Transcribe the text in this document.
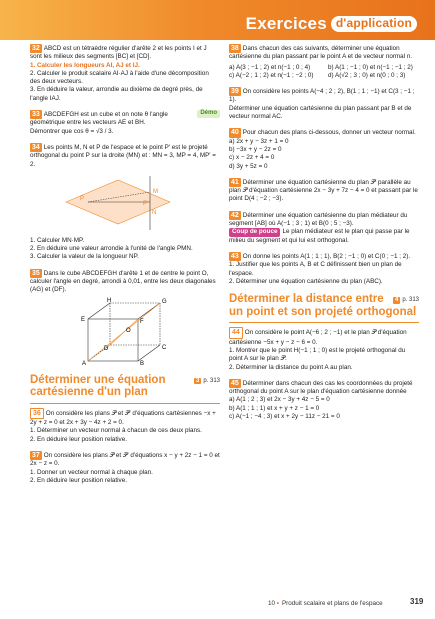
Exercices d'application
32 ABCD est un tétraèdre régulier d'arête 2 et les points I et J sont les milieux des segments [BC] et [CD].
1. Calculer les longueurs AI, AJ et IJ.
2. Calculer le produit scalaire AI·AJ à l'aide d'une décomposition des deux vecteurs.
3. En déduire la valeur, arrondie au dixième de degré près, de l'angle IAJ.
33	Démo
ABCDEFGH est un cube et on note θ l'angle géométrique entre les vecteurs AE et BH.
Démontrer que cos θ = √3 / 3.
34 Les points M, N et P de l'espace et le point P′ est le projeté orthogonal du point P sur la droite (MN) et : MN = 3, MP = 4, MP′ = 2.
M
P
P′
N
1. Calculer MN·MP.
2. En déduire une valeur arrondie à l'unité de l'angle PMN.
3. Calculer la valeur de la longueur NP.
35 Dans le cube ABCDEFGH d'arête 1 et de centre le point O, calculer l'angle en degré, arrondi à 0,01, entre les deux diagonales (AG) et (DF).
H	G
E	F
O
D	C
A	B
3 p. 313
Déterminer une équation cartésienne d'un plan
36 On considère les plans 𝒫 et 𝒫′ d'équations cartésiennes −x + 2y + z = 0 et 2x + 3y − 4z + 2 = 0.
1. Déterminer un vecteur normal à chacun de ces deux plans.
2. En déduire leur position relative.
37 On considère les plans 𝒫 et 𝒫′ d'équations x − y + 2z − 1 = 0 et 2x − z = 0.
1. Donner un vecteur normal à chaque plan.
2. En déduire leur position relative.
38 Dans chacun des cas suivants, déterminer une équation cartésienne du plan passant par le point A et de vecteur normal n.
a) A(3 ; −1 ; 2) et n(−1 ; 0 ; 4)
c) A(−2 ; 1 ; 2) et n(−1 ; −2 ; 0)
b) A(1 ; −1 ; 0) et n(−1 ; −1 ; 2)
d) A(√2 ; 3 ; 0) et n(0 ; 0 ; 3)
39 On considère les points A(−4 ; 2 ; 2), B(1 ; 1 ; −1) et C(3 ; −1 ; 1).
Déterminer une équation cartésienne du plan passant par B et de vecteur normal AC.
40 Pour chacun des plans ci-dessous, donner un vecteur normal.
a) 2x + y − 3z + 1 = 0
b) −3x + y − 2z = 0
c) x − 2z + 4 = 0
d) 3y + 5z = 0
41 Déterminer une équation cartésienne du plan 𝒫′ parallèle au plan 𝒫 d'équation cartésienne 2x − 3y + 7z − 4 = 0 et passant par le point D(4 ; −2 ; −3).
42 Déterminer une équation cartésienne du plan médiateur du segment [AB] où A(−1 ; 3 ; 1) et B(0 ; 5 ; −3).
Coup de pouce Le plan médiateur est le plan qui passe par le milieu du segment et qui lui est orthogonal.
43 On donne les points A(1 ; 1 ; 1), B(2 ; −1 ; 0) et C(0 ; −1 ; 2).
1. Justifier que les points A, B et C définissent bien un plan de l'espace.
2. Déterminer une équation cartésienne du plan (ABC).
4 p. 313
Déterminer la distance entre un point et son projeté orthogonal
44 On considère le point A(−6 ; 2 ; −1) et le plan 𝒫 d'équation cartésienne −5x + y − z − 6 = 0.
1. Montrer que le point H(−1 ; 1 ; 0) est le projeté orthogonal du point A sur le plan 𝒫.
2. Déterminer la distance du point A au plan.
45 Déterminer dans chacun des cas les coordonnées du projeté orthogonal du point A sur le plan d'équation cartésienne donnée
a) A(1 ; 2 ; 3) et 2x − 3y + 4z − 5 = 0
b) A(1 ; 1 ; 1) et x + y + z − 1 = 0
c) A(−1 ; −4 ; 3) et x + 2y − 11z − 21 = 0
10 • Produit scalaire et plans de l'espace	319
